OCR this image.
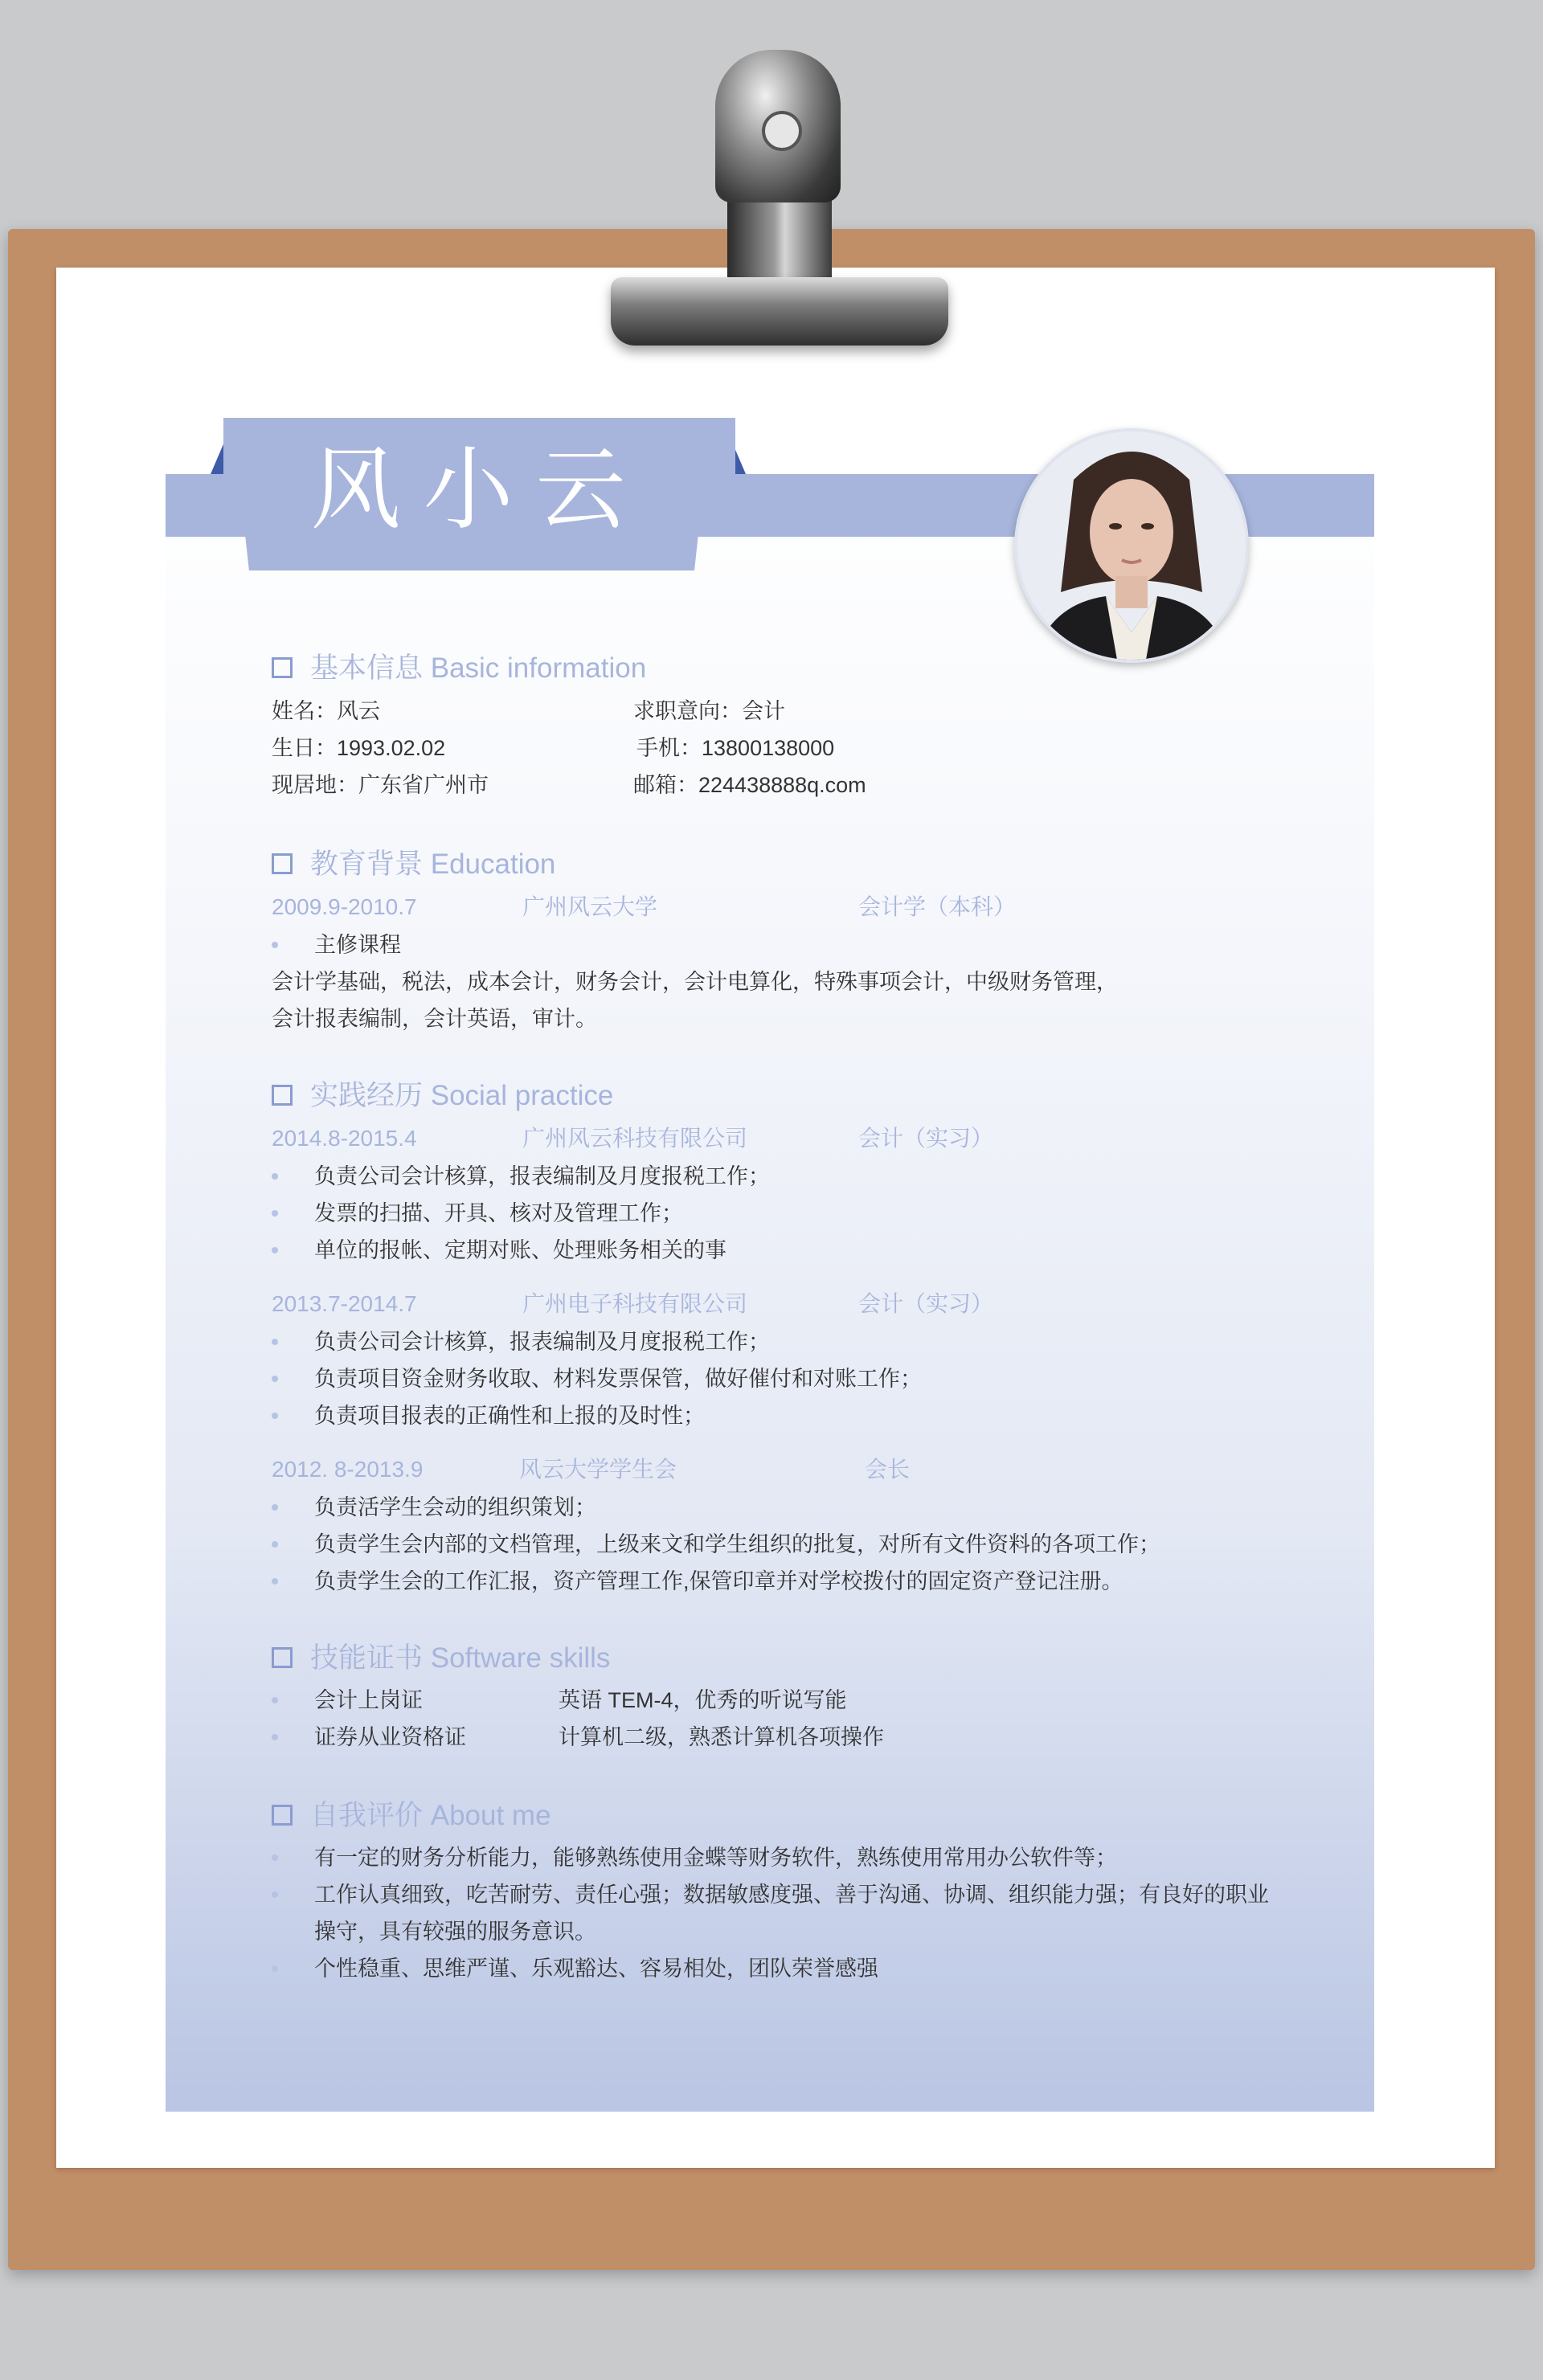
风小云
基本信息 Basic information
姓名：风云	求职意向：会计
生日：1993.02.02	手机：13800138000
现居地：广东省广州市	邮箱：224438888q.com
教育背景 Education
2009.9-2010.7	广州风云大学	会计学（本科）
主修课程
会计学基础，税法，成本会计，财务会计，会计电算化，特殊事项会计，中级财务管理，
会计报表编制，会计英语，审计。
实践经历 Social practice
2014.8-2015.4	广州风云科技有限公司	会计（实习）
负责公司会计核算，报表编制及月度报税工作；
发票的扫描、开具、核对及管理工作；
单位的报帐、定期对账、处理账务相关的事
2013.7-2014.7	广州电子科技有限公司	会计（实习）
负责公司会计核算，报表编制及月度报税工作；
负责项目资金财务收取、材料发票保管，做好催付和对账工作；
负责项目报表的正确性和上报的及时性；
2012. 8-2013.9	风云大学学生会	会长
负责活学生会动的组织策划；
负责学生会内部的文档管理，上级来文和学生组织的批复，对所有文件资料的各项工作；
负责学生会的工作汇报，资产管理工作,保管印章并对学校拨付的固定资产登记注册。
技能证书 Software skills
会计上岗证	英语 TEM-4，优秀的听说写能
证券从业资格证	计算机二级，熟悉计算机各项操作
自我评价 About me
有一定的财务分析能力，能够熟练使用金蝶等财务软件，熟练使用常用办公软件等；
工作认真细致，吃苦耐劳、责任心强；数据敏感度强、善于沟通、协调、组织能力强；有良好的职业
操守，具有较强的服务意识。
个性稳重、思维严谨、乐观豁达、容易相处，团队荣誉感强
